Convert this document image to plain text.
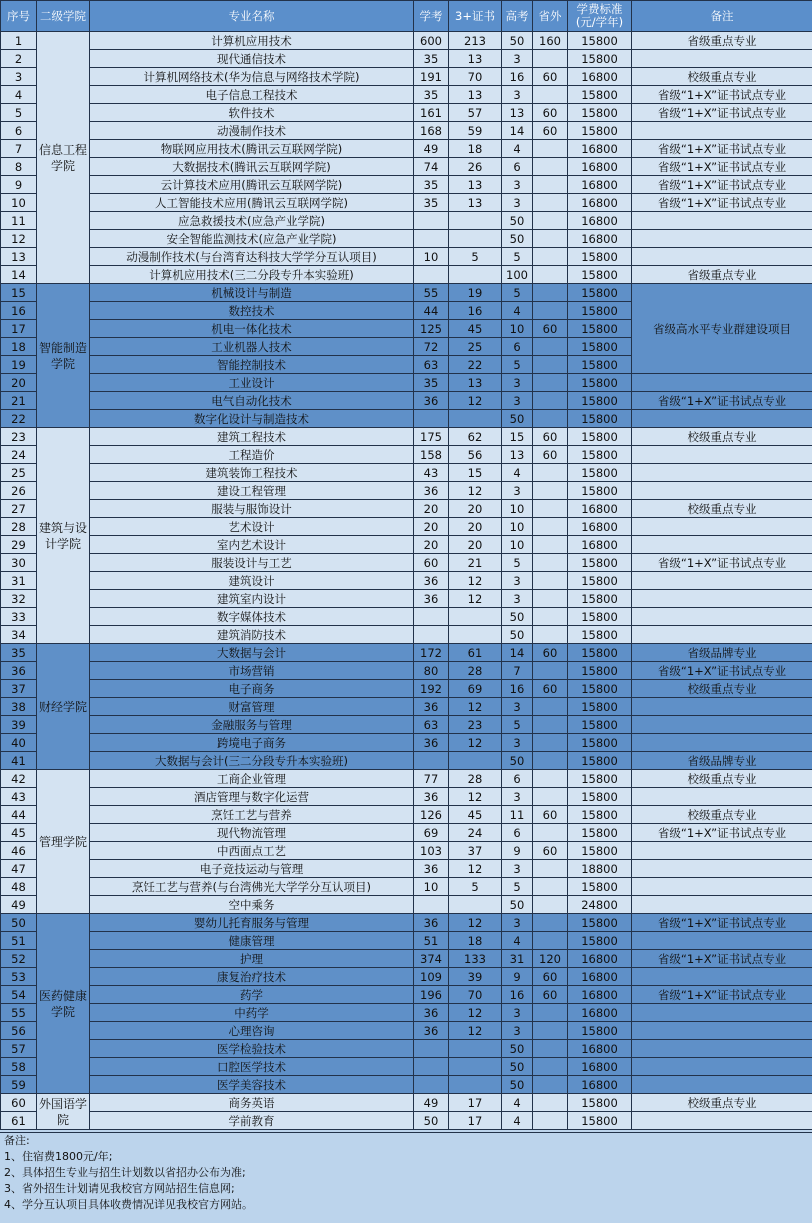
序号	二级学院	专业名称	学考	3+证书	高考	省外	学费标准(元/学年)	备注
1	信息工程学院	计算机应用技术	600	213	50	160	15800	省级重点专业
2		现代通信技术	35	13	3		15800	
3		计算机网络技术(华为信息与网络技术学院)	191	70	16	60	16800	校级重点专业
4		电子信息工程技术	35	13	3		15800	省级“1+X”证书试点专业
5		软件技术	161	57	13	60	15800	省级“1+X”证书试点专业
6		动漫制作技术	168	59	14	60	15800	
7		物联网应用技术(腾讯云互联网学院)	49	18	4		16800	省级“1+X”证书试点专业
8		大数据技术(腾讯云互联网学院)	74	26	6		16800	省级“1+X”证书试点专业
9		云计算技术应用(腾讯云互联网学院)	35	13	3		16800	省级“1+X”证书试点专业
10		人工智能技术应用(腾讯云互联网学院)	35	13	3		16800	省级“1+X”证书试点专业
11		应急救援技术(应急产业学院)			50		16800	
12		安全智能监测技术(应急产业学院)			50		16800	
13		动漫制作技术(与台湾育达科技大学学分互认项目)	10	5	5		15800	
14		计算机应用技术(三二分段专升本实验班)			100		15800	省级重点专业
15	智能制造学院	机械设计与制造	55	19	5		15800	省级高水平专业群建设项目
16		数控技术	44	16	4		15800	
17		机电一体化技术	125	45	10	60	15800	
18		工业机器人技术	72	25	6		15800	
19		智能控制技术	63	22	5		15800	
20		工业设计	35	13	3		15800	
21		电气自动化技术	36	12	3		15800	省级“1+X”证书试点专业
22		数字化设计与制造技术			50		15800	
23	建筑与设计学院	建筑工程技术	175	62	15	60	15800	校级重点专业
24		工程造价	158	56	13	60	15800	
25		建筑装饰工程技术	43	15	4		15800	
26		建设工程管理	36	12	3		15800	
27		服装与服饰设计	20	20	10		16800	校级重点专业
28		艺术设计	20	20	10		16800	
29		室内艺术设计	20	20	10		16800	
30		服装设计与工艺	60	21	5		15800	省级“1+X”证书试点专业
31		建筑设计	36	12	3		15800	
32		建筑室内设计	36	12	3		15800	
33		数字媒体技术			50		15800	
34		建筑消防技术			50		15800	
35	财经学院	大数据与会计	172	61	14	60	15800	省级品牌专业
36		市场营销	80	28	7		15800	省级“1+X”证书试点专业
37		电子商务	192	69	16	60	15800	校级重点专业
38		财富管理	36	12	3		15800	
39		金融服务与管理	63	23	5		15800	
40		跨境电子商务	36	12	3		15800	
41		大数据与会计(三二分段专升本实验班)			50		15800	省级品牌专业
42	管理学院	工商企业管理	77	28	6		15800	校级重点专业
43		酒店管理与数字化运营	36	12	3		15800	
44		烹饪工艺与营养	126	45	11	60	15800	校级重点专业
45		现代物流管理	69	24	6		15800	省级“1+X”证书试点专业
46		中西面点工艺	103	37	9	60	15800	
47		电子竞技运动与管理	36	12	3		18800	
48		烹饪工艺与营养(与台湾佛光大学学分互认项目)	10	5	5		15800	
49		空中乘务			50		24800	
50	医药健康学院	婴幼儿托育服务与管理	36	12	3		15800	省级“1+X”证书试点专业
51		健康管理	51	18	4		15800	
52		护理	374	133	31	120	16800	省级“1+X”证书试点专业
53		康复治疗技术	109	39	9	60	16800	
54		药学	196	70	16	60	16800	省级“1+X”证书试点专业
55		中药学	36	12	3		16800	
56		心理咨询	36	12	3		15800	
57		医学检验技术			50		16800	
58		口腔医学技术			50		16800	
59		医学美容技术			50		16800	
60	外国语学院	商务英语	49	17	4		15800	校级重点专业
61		学前教育	50	17	4		15800	
备注:
1、住宿费1800元/年;
2、具体招生专业与招生计划数以省招办公布为准;
3、省外招生计划请见我校官方网站招生信息网;
4、学分互认项目具体收费情况详见我校官方网站。
